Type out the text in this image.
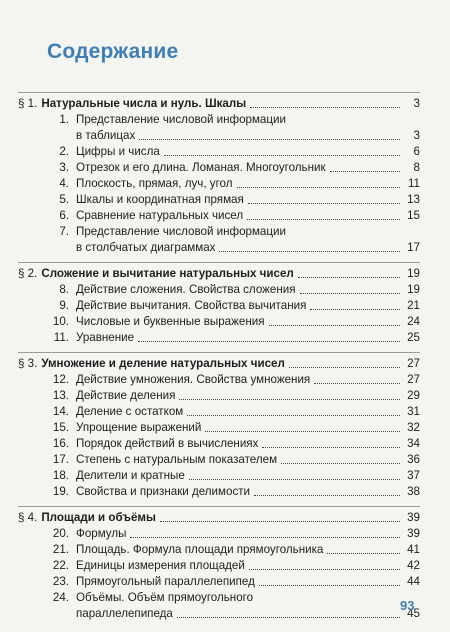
Содержание
§ 1. Натуральные числа и нуль. Шкалы	3
1. Представление числовой информации
в таблицах	3
2. Цифры и числа	6
3. Отрезок и его длина. Ломаная. Многоугольник	8
4. Плоскость, прямая, луч, угол	11
5. Шкалы и координатная прямая	13
6. Сравнение натуральных чисел	15
7. Представление числовой информации
в столбчатых диаграммах	17
§ 2. Сложение и вычитание натуральных чисел	19
8. Действие сложения. Свойства сложения	19
9. Действие вычитания. Свойства вычитания	21
10. Числовые и буквенные выражения	24
11. Уравнение	25
§ 3. Умножение и деление натуральных чисел	27
12. Действие умножения. Свойства умножения	27
13. Действие деления	29
14. Деление с остатком	31
15. Упрощение выражений	32
16. Порядок действий в вычислениях	34
17. Степень с натуральным показателем	36
18. Делители и кратные	37
19. Свойства и признаки делимости	38
§ 4. Площади и объёмы	39
20. Формулы	39
21. Площадь. Формула площади прямоугольника	41
22. Единицы измерения площадей	42
23. Прямоугольный параллелепипед	44
24. Объёмы. Объём прямоугольного
параллелепипеда	45
93
